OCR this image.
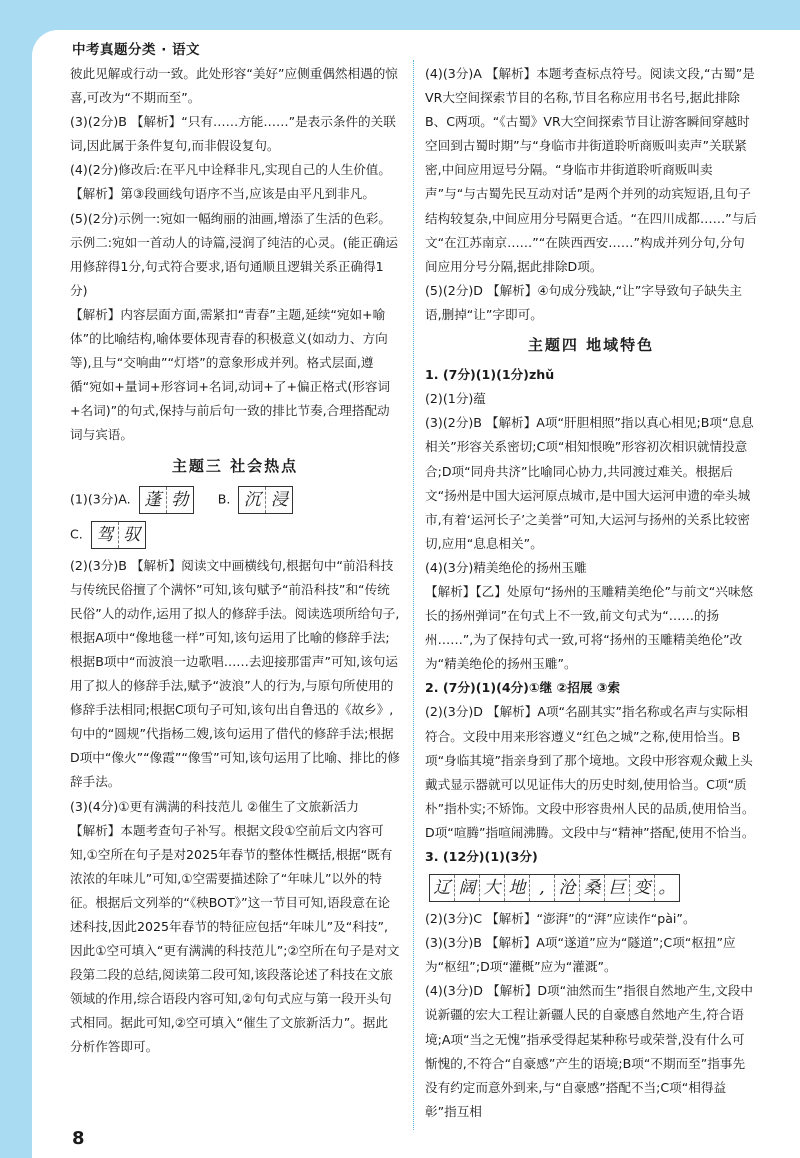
中考真题分类 · 语文

彼此见解或行动一致。此处形容“美好”应侧重偶然相遇的惊喜,可改为“不期而至”。

(3)(2分)B 【解析】“只有……方能……”是表示条件的关联词,因此属于条件复句,而非假设复句。

(4)(2分)修改后:在平凡中诠释非凡,实现自己的人生价值。

【解析】第③段画线句语序不当,应该是由平凡到非凡。

(5)(2分)示例一:宛如一幅绚丽的油画,增添了生活的色彩。

示例二:宛如一首动人的诗篇,浸润了纯洁的心灵。(能正确运用修辞得1分,句式符合要求,语句通顺且逻辑关系正确得1分)

【解析】内容层面方面,需紧扣“青春”主题,延续“宛如+喻体”的比喻结构,喻体要体现青春的积极意义(如动力、方向等),且与“交响曲”“灯塔”的意象形成并列。格式层面,遵循“宛如+量词+形容词+名词,动词+了+偏正格式(形容词+名词)”的句式,保持与前后句一致的排比节奏,合理搭配动词与宾语。

主题三 社会热点

(1)(3分)A. 蓬 勃	B. 沉 浸

C. 驾 驭

(2)(3分)B 【解析】阅读文中画横线句,根据句中“前沿科技与传统民俗擅了个满怀”可知,该句赋予“前沿科技”和“传统民俗”人的动作,运用了拟人的修辞手法。阅读选项所给句子,根据A项中“像地毯一样”可知,该句运用了比喻的修辞手法;根据B项中“而波浪一边歌唱……去迎接那雷声”可知,该句运用了拟人的修辞手法,赋予“波浪”人的行为,与原句所使用的修辞手法相同;根据C项句子可知,该句出自鲁迅的《故乡》,句中的“圆规”代指杨二嫂,该句运用了借代的修辞手法;根据D项中“像火”“像霞”“像雪”可知,该句运用了比喻、排比的修辞手法。

(3)(4分)①更有满满的科技范儿 ②催生了文旅新活力

【解析】本题考查句子补写。根据文段①空前后文内容可知,①空所在句子是对2025年春节的整体性概括,根据“既有浓浓的年味儿”可知,①空需要描述除了“年味儿”以外的特征。根据后文列举的“《秧BOT》”这一节目可知,语段意在论述科技,因此2025年春节的特征应包括“年味儿”及“科技”,因此①空可填入“更有满满的科技范儿”;②空所在句子是对文段第二段的总结,阅读第二段可知,该段落论述了科技在文旅领域的作用,综合语段内容可知,②句句式应与第一段开头句式相同。据此可知,②空可填入“催生了文旅新活力”。据此分析作答即可。

(4)(3分)A 【解析】本题考查标点符号。阅读文段,“古蜀”是VR大空间探索节目的名称,节目名称应用书名号,据此排除B、C两项。“《古蜀》VR大空间探索节目让游客瞬间穿越时空回到古蜀时期”与“身临市井街道聆听商贩叫卖声”关联紧密,中间应用逗号分隔。“身临市井街道聆听商贩叫卖声”与“与古蜀先民互动对话”是两个并列的动宾短语,且句子结构较复杂,中间应用分号隔更合适。“在四川成都……”与后文“在江苏南京……”“在陕西西安……”构成并列分句,分句间应用分号分隔,据此排除D项。

(5)(2分)D 【解析】④句成分残缺,“让”字导致句子缺失主语,删掉“让”字即可。

主题四 地域特色

1. (7分)(1)(1分)zhǔ

(2)(1分)蕴

(3)(2分)B 【解析】A项“肝胆相照”指以真心相见;B项“息息相关”形容关系密切;C项“相知恨晚”形容初次相识就情投意合;D项“同舟共济”比喻同心协力,共同渡过难关。根据后文“扬州是中国大运河原点城市,是中国大运河申遗的牵头城市,有着‘运河长子’之美誉”可知,大运河与扬州的关系比较密切,应用“息息相关”。

(4)(3分)精美绝伦的扬州玉雕

【解析】【乙】处原句“扬州的玉雕精美绝伦”与前文“兴味悠长的扬州弹词”在句式上不一致,前文句式为“……的扬州……”,为了保持句式一致,可将“扬州的玉雕精美绝伦”改为“精美绝伦的扬州玉雕”。

2. (7分)(1)(4分)①继 ②招展 ③索

(2)(3分)D 【解析】A项“名副其实”指名称或名声与实际相符合。文段中用来形容遵义“红色之城”之称,使用恰当。B项“身临其境”指亲身到了那个境地。文段中形容观众戴上头戴式显示器就可以见证伟大的历史时刻,使用恰当。C项“质朴”指朴实;不矫饰。文段中形容贵州人民的品质,使用恰当。D项“喧腾”指喧闹沸腾。文段中与“精神”搭配,使用不恰当。

3. (12分)(1)(3分)

辽 阔 大 地 , 沧 桑 巨 变 。

(2)(3分)C 【解析】“澎湃”的“湃”应读作“pài”。

(3)(3分)B 【解析】A项“遂道”应为“隧道”;C项“枢扭”应为“枢纽”;D项“灌概”应为“灌溉”。

(4)(3分)D 【解析】D项“油然而生”指很自然地产生,文段中说新疆的宏大工程让新疆人民的自豪感自然地产生,符合语境;A项“当之无愧”指承受得起某种称号或荣誉,没有什么可惭愧的,不符合“自豪感”产生的语境;B项“不期而至”指事先没有约定而意外到来,与“自豪感”搭配不当;C项“相得益彰”指互相

8
